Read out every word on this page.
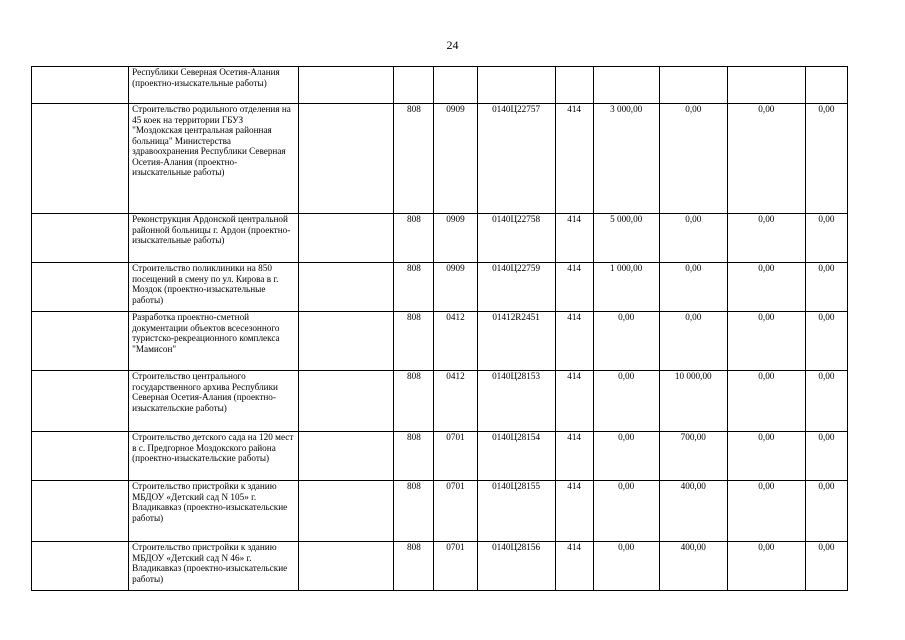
24
	Республики Северная Осетия-Алания (проектно-изыскательные работы)									
	Строительство родильного отделения на 45 коек на территории ГБУЗ "Моздокская центральная районная больница" Министерства здравоохранения Республики Северная Осетия-Алания (проектно-изыскательные работы)		808	0909	0140Ц22757	414	3 000,00	0,00	0,00	0,00
	Реконструкция Ардонской центральной районной больницы г. Ардон (проектно-изыскательные работы)		808	0909	0140Ц22758	414	5 000,00	0,00	0,00	0,00
	Строительство поликлиники на 850 посещений в смену по ул. Кирова в г. Моздок (проектно-изыскательные работы)		808	0909	0140Ц22759	414	1 000,00	0,00	0,00	0,00
	Разработка проектно-сметной документации объектов всесезонного туристско-рекреационного комплекса "Мамисон"		808	0412	01412R2451	414	0,00	0,00	0,00	0,00
	Строительство центрального государственного архива Республики Северная Осетия-Алания (проектно-изыскательские работы)		808	0412	0140Ц28153	414	0,00	10 000,00	0,00	0,00
	Строительство детского сада на 120 мест в с. Предгорное Моздокского района (проектно-изыскательские работы)		808	0701	0140Ц28154	414	0,00	700,00	0,00	0,00
	Строительство пристройки к зданию МБДОУ «Детский сад N 105» г. Владикавказ (проектно-изыскательские работы)		808	0701	0140Ц28155	414	0,00	400,00	0,00	0,00
	Строительство пристройки к зданию МБДОУ «Детский сад N 46» г. Владикавказ (проектно-изыскательские работы)		808	0701	0140Ц28156	414	0,00	400,00	0,00	0,00
